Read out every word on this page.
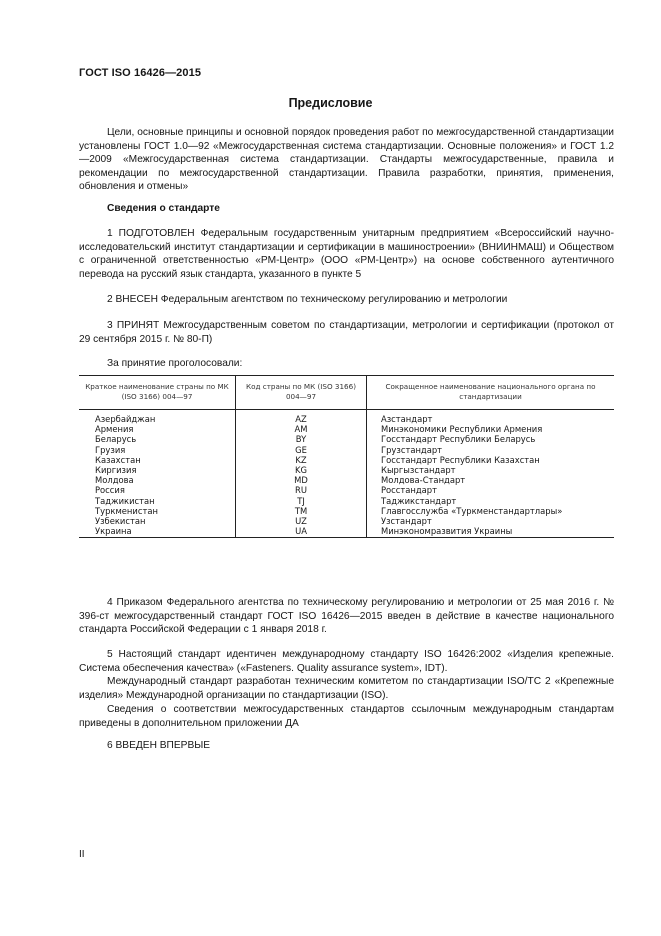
ГОСТ ISO 16426—2015
Предисловие
Цели, основные принципы и основной порядок проведения работ по межгосударственной стандартизации установлены ГОСТ 1.0—92 «Межгосударственная система стандартизации. Основные положения» и ГОСТ 1.2—2009 «Межгосударственная система стандартизации. Стандарты межгосударственные, правила и рекомендации по межгосударственной стандартизации. Правила разработки, принятия, применения, обновления и отмены»
Сведения о стандарте
1 ПОДГОТОВЛЕН Федеральным государственным унитарным предприятием «Всероссийский научно-исследовательский институт стандартизации и сертификации в машиностроении» (ВНИИНМАШ) и Обществом с ограниченной ответственностью «РМ-Центр» (ООО «РМ-Центр») на основе собственного аутентичного перевода на русский язык стандарта, указанного в пункте 5
2 ВНЕСЕН Федеральным агентством по техническому регулированию и метрологии
3 ПРИНЯТ Межгосударственным советом по стандартизации, метрологии и сертификации (протокол от 29 сентября 2015 г. № 80-П)
За принятие проголосовали:
Краткое наименование страны по МК (ISO 3166) 004—97	Код страны по МК (ISO 3166) 004—97	Сокращенное наименование национального органа по стандартизации
Азербайджан	AZ	Азстандарт
Армения	AM	Минэкономики Республики Армения
Беларусь	BY	Госстандарт Республики Беларусь
Грузия	GE	Грузстандарт
Казахстан	KZ	Госстандарт Республики Казахстан
Киргизия	KG	Кыргызстандарт
Молдова	MD	Молдова-Стандарт
Россия	RU	Росстандарт
Таджикистан	TJ	Таджикстандарт
Туркменистан	TM	Главгосслужба «Туркменстандартлары»
Узбекистан	UZ	Узстандарт
Украина	UA	Минэкономразвития Украины
4 Приказом Федерального агентства по техническому регулированию и метрологии от 25 мая 2016 г. № 396-ст межгосударственный стандарт ГОСТ ISO 16426—2015 введен в действие в качестве национального стандарта Российской Федерации с 1 января 2018 г.
5 Настоящий стандарт идентичен международному стандарту ISO 16426:2002 «Изделия крепежные. Система обеспечения качества» («Fasteners. Quality assurance system», IDT).
Международный стандарт разработан техническим комитетом по стандартизации ISO/TC 2 «Крепежные изделия» Международной организации по стандартизации (ISO).
Сведения о соответствии межгосударственных стандартов ссылочным международным стандартам приведены в дополнительном приложении ДА
6 ВВЕДЕН ВПЕРВЫЕ
II
